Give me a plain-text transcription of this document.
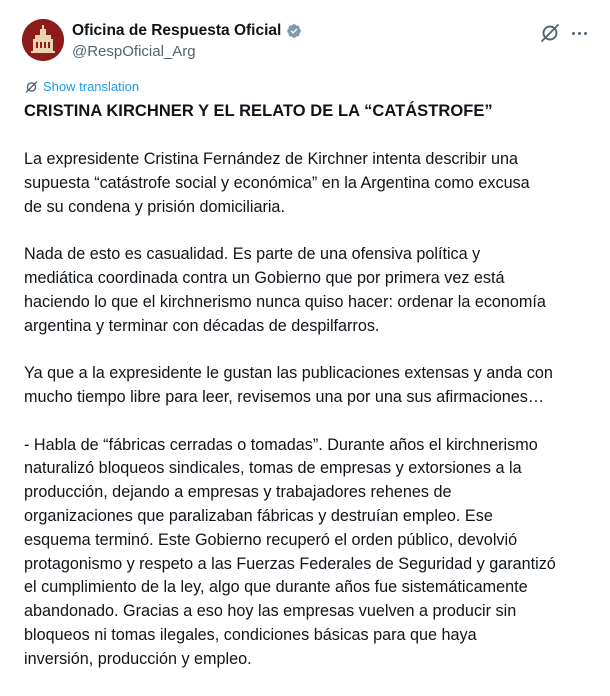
Oficina de Respuesta Oficial
@RespOficial_Arg
Show translation
CRISTINA KIRCHNER Y EL RELATO DE LA “CATÁSTROFE”

La expresidente Cristina Fernández de Kirchner intenta describir una
supuesta “catástrofe social y económica” en la Argentina como excusa
de su condena y prisión domiciliaria.

Nada de esto es casualidad. Es parte de una ofensiva política y
mediática coordinada contra un Gobierno que por primera vez está
haciendo lo que el kirchnerismo nunca quiso hacer: ordenar la economía
argentina y terminar con décadas de despilfarros.

Ya que a la expresidente le gustan las publicaciones extensas y anda con
mucho tiempo libre para leer, revisemos una por una sus afirmaciones…

- Habla de “fábricas cerradas o tomadas”. Durante años el kirchnerismo
naturalizó bloqueos sindicales, tomas de empresas y extorsiones a la
producción, dejando a empresas y trabajadores rehenes de
organizaciones que paralizaban fábricas y destruían empleo. Ese
esquema terminó. Este Gobierno recuperó el orden público, devolvió
protagonismo y respeto a las Fuerzas Federales de Seguridad y garantizó
el cumplimiento de la ley, algo que durante años fue sistemáticamente
abandonado. Gracias a eso hoy las empresas vuelven a producir sin
bloqueos ni tomas ilegales, condiciones básicas para que haya
inversión, producción y empleo.
